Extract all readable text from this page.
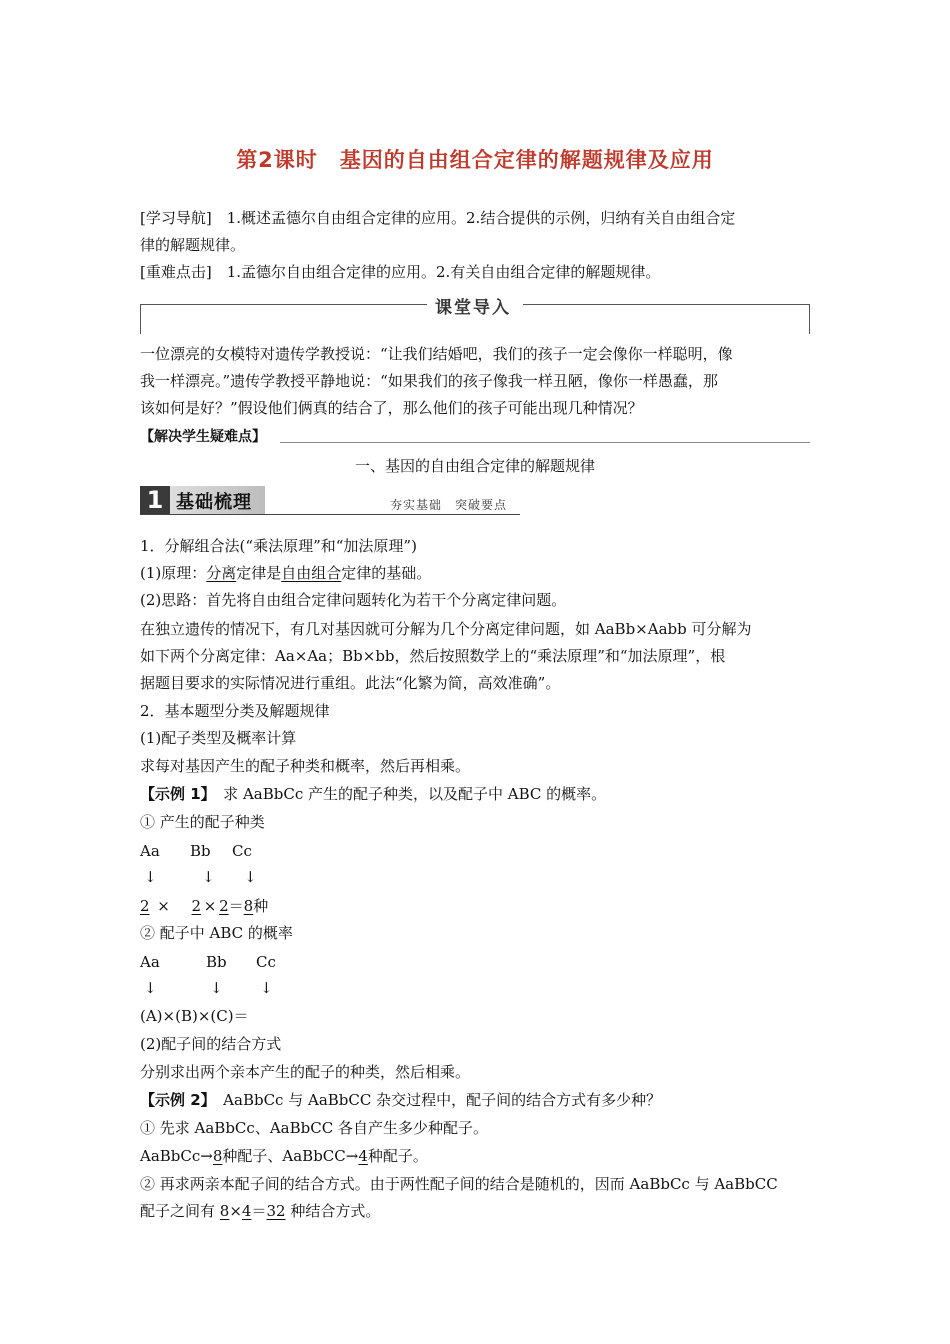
第2课时　基因的自由组合定律的解题规律及应用
[学习导航]　1.概述孟德尔自由组合定律的应用。2.结合提供的示例，归纳有关自由组合定
律的解题规律。
[重难点击]　1.孟德尔自由组合定律的应用。2.有关自由组合定律的解题规律。
课堂导入
一位漂亮的女模特对遗传学教授说：“让我们结婚吧，我们的孩子一定会像你一样聪明，像
我一样漂亮。”遗传学教授平静地说：“如果我们的孩子像我一样丑陋，像你一样愚蠢，那
该如何是好？”假设他们俩真的结合了，那么他们的孩子可能出现几种情况？
【解决学生疑难点】
一、基因的自由组合定律的解题规律
1 基础梳理	夯实基础　突破要点
1．分解组合法(“乘法原理”和“加法原理”)
(1)原理：分离定律是自由组合定律的基础。
(2)思路：首先将自由组合定律问题转化为若干个分离定律问题。
在独立遗传的情况下，有几对基因就可分解为几个分离定律问题，如 AaBb×Aabb 可分解为
如下两个分离定律：Aa×Aa；Bb×bb，然后按照数学上的“乘法原理”和“加法原理”，根
据题目要求的实际情况进行重组。此法“化繁为简，高效准确”。
2．基本题型分类及解题规律
(1)配子类型及概率计算
求每对基因产生的配子种类和概率，然后再相乘。
【示例 1】　求 AaBbCc 产生的配子种类，以及配子中 ABC 的概率。
① 产生的配子种类
Aa Bb Cc
↓	↓ ↓
2 × 2 × 2＝8种
② 配子中 ABC 的概率
Aa	Bb Cc
↓	↓ ↓
(A)×(B)×(C)＝
(2)配子间的结合方式
分别求出两个亲本产生的配子的种类，然后相乘。
【示例 2】　AaBbCc 与 AaBbCC 杂交过程中，配子间的结合方式有多少种？
① 先求 AaBbCc、AaBbCC 各自产生多少种配子。
AaBbCc→8种配子、AaBbCC→4种配子。
② 再求两亲本配子间的结合方式。由于两性配子间的结合是随机的，因而 AaBbCc 与 AaBbCC
配子之间有 8×4＝32 种结合方式。
